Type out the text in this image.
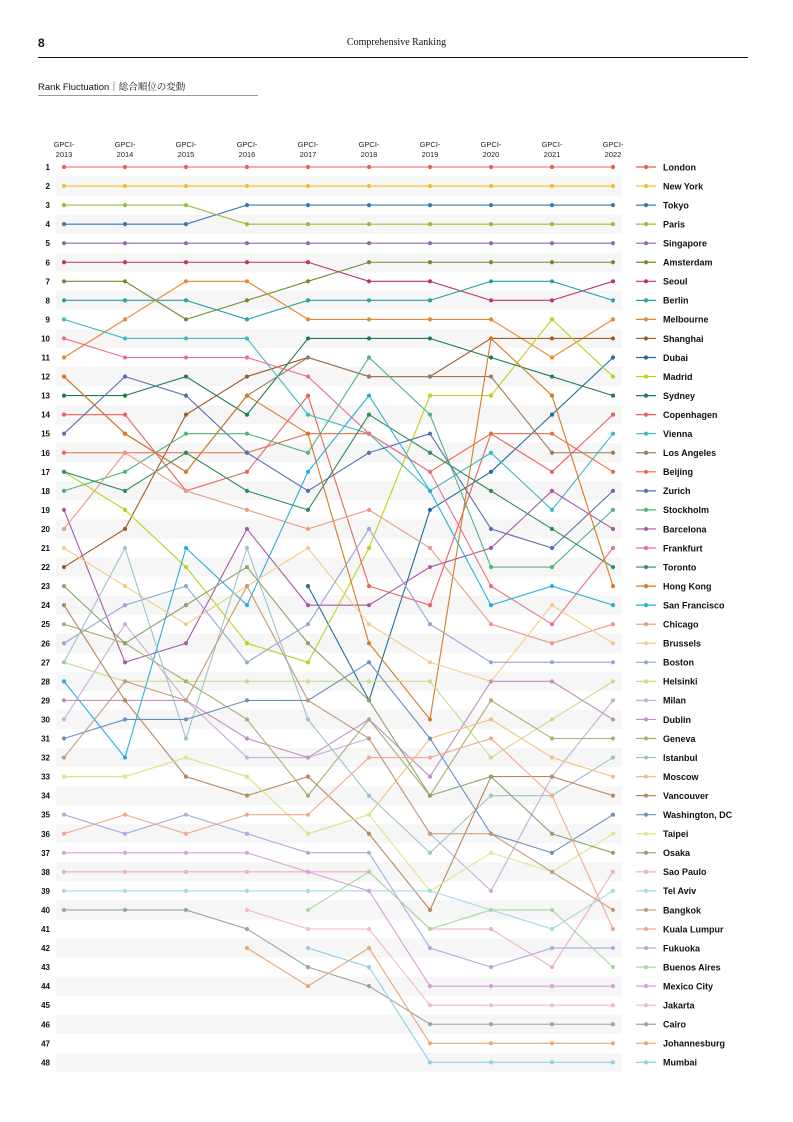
8	Comprehensive Ranking
Rank Fluctuation｜総合順位の変動
GPCI-2013
GPCI-2014
GPCI-2015
GPCI-2016
GPCI-2017
GPCI-2018
GPCI-2019
GPCI-2020
GPCI-2021
GPCI-2022
1
2
3
4
5
6
7
8
9
10
11
12
13
14
15
16
17
18
19
20
21
22
23
24
25
26
27
28
29
30
31
32
33
34
35
36
37
38
39
40
41
42
43
44
45
46
47
48
London
New York
Tokyo
Paris
Singapore
Amsterdam
Seoul
Berlin
Melbourne
Shanghai
Dubai
Madrid
Sydney
Copenhagen
Vienna
Los Angeles
Beijing
Zurich
Stockholm
Barcelona
Frankfurt
Toronto
Hong Kong
San Francisco
Chicago
Brussels
Boston
Helsinki
Milan
Dublin
Geneva
Istanbul
Moscow
Vancouver
Washington, DC
Taipei
Osaka
Sao Paulo
Tel Aviv
Bangkok
Kuala Lumpur
Fukuoka
Buenos Aires
Mexico City
Jakarta
Cairo
Johannesburg
Mumbai
